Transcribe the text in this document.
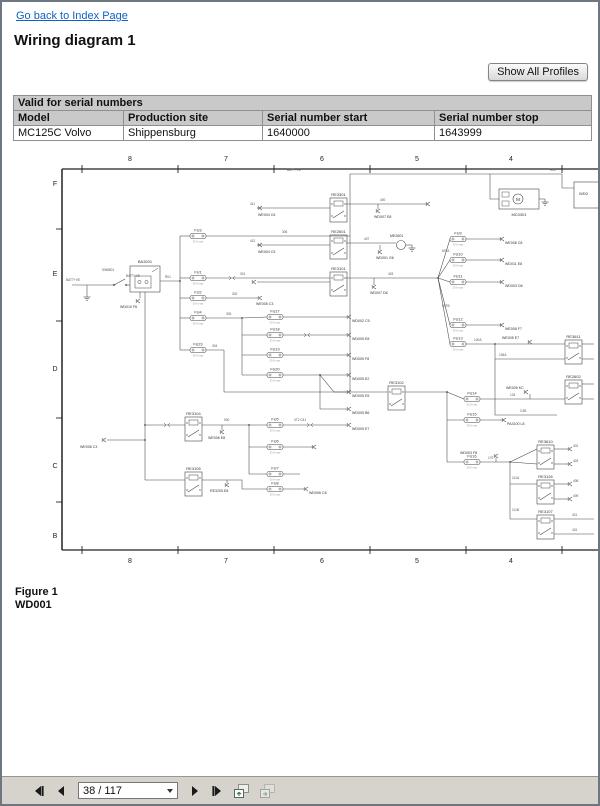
Go back to Index Page
Wiring diagram 1
Show All Profiles
Valid for serial numbers			
Model	Production site	Serial number start	Serial number stop
MC125C Volvo	Shippensburg	1640000	1643999
8
8
7
7
6
6
5
5
4
4
F
E
D
C
B
RE3301
RE2601
RE3101
RE3104
RE3105
RE3102
RE3611
RE2602
RE3610
RE3126
RE3107
FU3
30 A max
FU1
30 A max
FU2
30 A max
FU4
30 A max
FU23
30 A max
FU17
30 A max
FU18
30 A max
FU19
30 A max
FU20
30 A max
FU5
30 A max
FU6
30 A max
FU7
30 A max
FU8
30 A max
FU9
30 A max
FU10
30 A max
FU11
30 A max
FU12
30 A max
FU13
30 A max
FU14
30 A max
FU15
30 A max
FU16
30 A max
BA3201
M
MC0301
WD0
ME2601
WE004 C6
WE004 C5
WE005 C3
WD007 E8
WD001 G6
WD007 D8
WE008 C8
WD011 E8
WD003 D6
WE008 F7
WE005 E7
WE005 KC
PA3100 L8
WD003 F8
WE006 C3
WE006 E8
RE3205 E8	WD006 C8
WD002 C5
WD005 E8
WD005 F8
WD005 E2
WD005 E5
WD005 B6
WD005 E7
WD010 F6
BATT+VE
SW8501
BATT+VE	R01
BATT+VE	R02
306
411
412
301
302
303
304
400
407
403
60TA
60TB
100A
106A
C4B
134
170
111A
111B
500	4T2 C41
402
403
408
409
421
431
Figure 1
WD001
38 / 117
